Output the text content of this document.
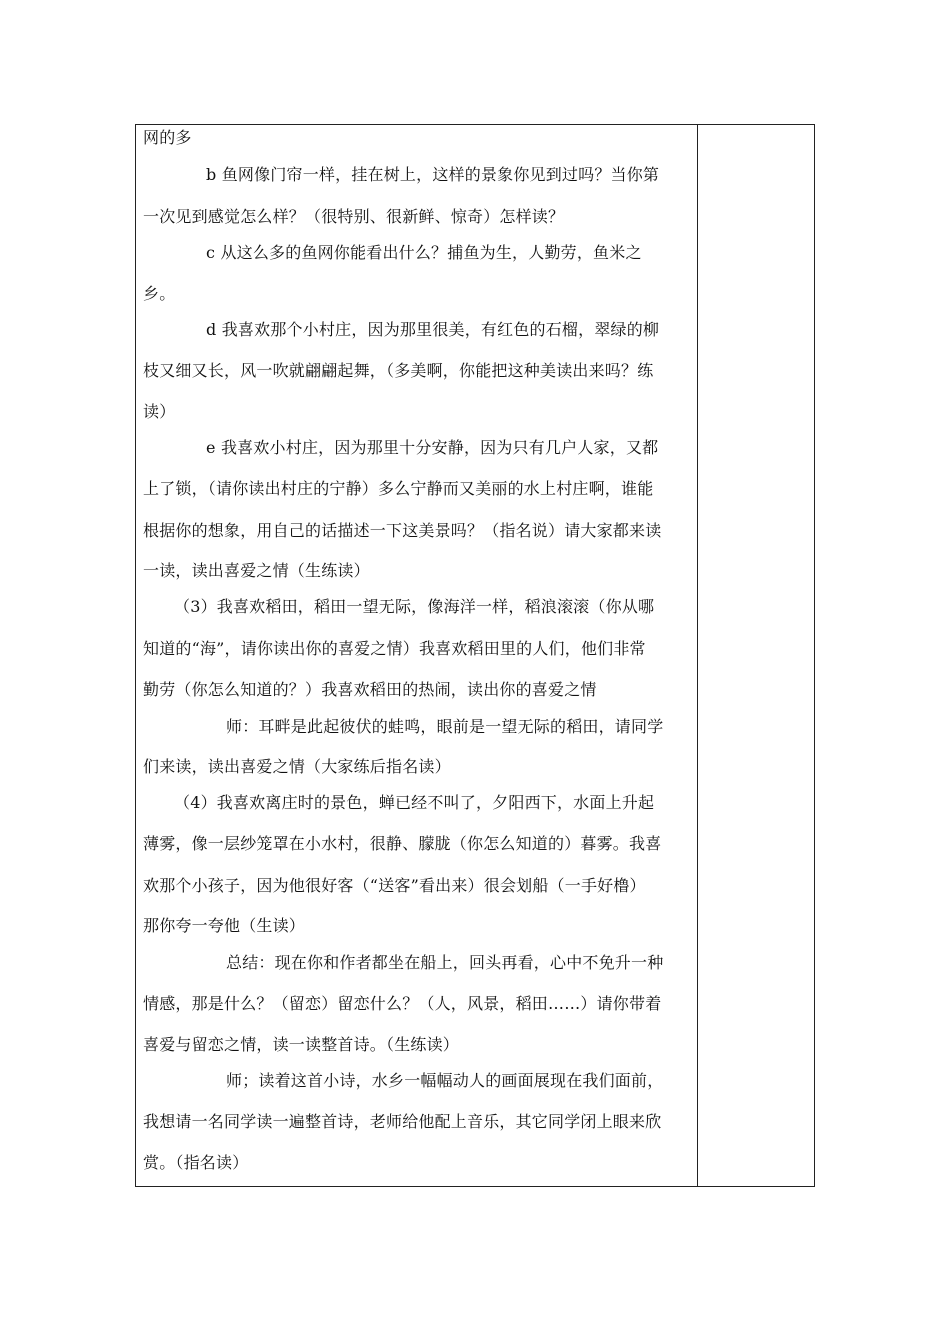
网的多
b 鱼网像门帘一样，挂在树上，这样的景象你见到过吗？当你第
一次见到感觉怎么样？（很特别、很新鲜、惊奇）怎样读？
c 从这么多的鱼网你能看出什么？捕鱼为生，人勤劳，鱼米之
乡。
d 我喜欢那个小村庄，因为那里很美，有红色的石榴，翠绿的柳
枝又细又长，风一吹就翩翩起舞，（多美啊，你能把这种美读出来吗？练
读）
e 我喜欢小村庄，因为那里十分安静，因为只有几户人家，又都
上了锁，（请你读出村庄的宁静）多么宁静而又美丽的水上村庄啊，谁能
根据你的想象，用自己的话描述一下这美景吗？（指名说）请大家都来读
一读，读出喜爱之情（生练读）
（3）我喜欢稻田，稻田一望无际，像海洋一样，稻浪滚滚（你从哪
知道的“海”，请你读出你的喜爱之情）我喜欢稻田里的人们，他们非常
勤劳（你怎么知道的？）我喜欢稻田的热闹，读出你的喜爱之情
师：耳畔是此起彼伏的蛙鸣，眼前是一望无际的稻田，请同学
们来读，读出喜爱之情（大家练后指名读）
（4）我喜欢离庄时的景色，蝉已经不叫了，夕阳西下，水面上升起
薄雾，像一层纱笼罩在小水村，很静、朦胧（你怎么知道的）暮雾。我喜
欢那个小孩子，因为他很好客（“送客”看出来）很会划船（一手好橹）
那你夸一夸他（生读）
总结：现在你和作者都坐在船上，回头再看，心中不免升一种
情感，那是什么？（留恋）留恋什么？（人，风景，稻田……）请你带着
喜爱与留恋之情，读一读整首诗。（生练读）
师；读着这首小诗，水乡一幅幅动人的画面展现在我们面前，
我想请一名同学读一遍整首诗，老师给他配上音乐，其它同学闭上眼来欣
赏。（指名读）
